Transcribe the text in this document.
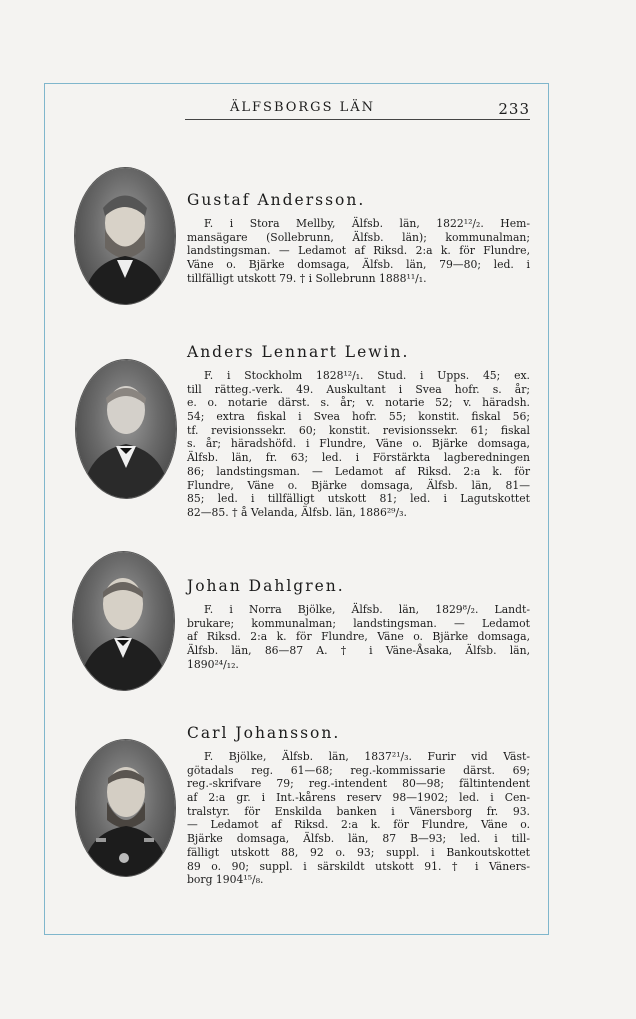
ÄLFSBORGS LÄN	233
Gustaf Andersson.
F. i Stora Mellby, Älfsb. län, 1822¹²/₂. Hem-
mansägare (Sollebrunn, Älfsb. län); kommunalman;
landstingsman. — Ledamot af Riksd. 2:a k. för Flundre,
Väne o. Bjärke domsaga, Älfsb. län, 79—80; led. i
tillfälligt utskott 79. † i Sollebrunn 1888¹¹/₁.
Anders Lennart Lewin.
F. i Stockholm 1828¹²/₁. Stud. i Upps. 45; ex.
till rätteg.-verk. 49. Auskultant i Svea hofr. s. år;
e. o. notarie därst. s. år; v. notarie 52; v. häradsh.
54; extra fiskal i Svea hofr. 55; konstit. fiskal 56;
tf. revisionssekr. 60; konstit. revisionssekr. 61; fiskal
s. år; häradshöfd. i Flundre, Väne o. Bjärke domsaga,
Älfsb. län, fr. 63; led. i Förstärkta lagberedningen
86; landstingsman. — Ledamot af Riksd. 2:a k. för
Flundre, Väne o. Bjärke domsaga, Älfsb. län, 81—
85; led. i tillfälligt utskott 81; led. i Lagutskottet
82—85. † å Velanda, Älfsb. län, 1886²⁹/₃.
Johan Dahlgren.
F. i Norra Bjölke, Älfsb. län, 1829⁸/₂. Landt-
brukare; kommunalman; landstingsman. — Ledamot
af Riksd. 2:a k. för Flundre, Väne o. Bjärke domsaga,
Älfsb. län, 86—87 A. † i Väne-Åsaka, Älfsb. län,
1890²⁴/₁₂.
Carl Johansson.
F. Bjölke, Älfsb. län, 1837²¹/₃. Furir vid Väst-
götadals reg. 61—68; reg.-kommissarie därst. 69;
reg.-skrifvare 79; reg.-intendent 80—98; fältintendent
af 2:a gr. i Int.-kårens reserv 98—1902; led. i Cen-
tralstyr. för Enskilda banken i Vänersborg fr. 93.
— Ledamot af Riksd. 2:a k. för Flundre, Väne o.
Bjärke domsaga, Älfsb. län, 87 B—93; led. i till-
fälligt utskott 88, 92 o. 93; suppl. i Bankoutskottet
89 o. 90; suppl. i särskildt utskott 91. † i Väners-
borg 1904¹⁵/₈.
